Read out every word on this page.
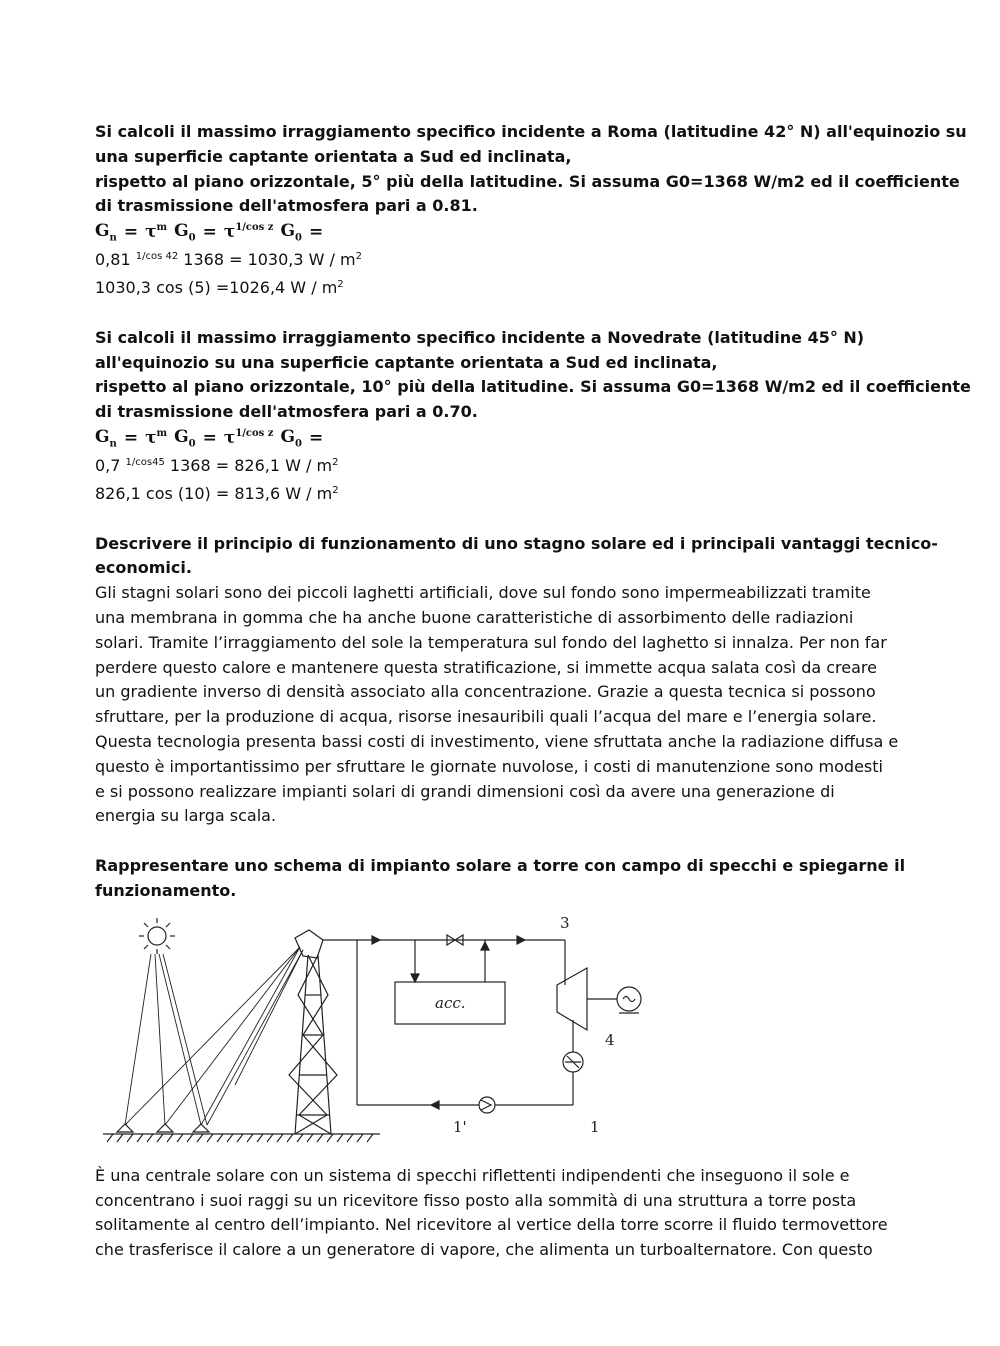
Si calcoli il massimo irraggiamento specifico incidente a Roma (latitudine 42° N) all'equinozio su

una superficie captante orientata a Sud ed inclinata,

rispetto al piano orizzontale, 5° più della latitudine. Si assuma G0=1368 W/m2 ed il coefficiente

di trasmissione dell'atmosfera pari a 0.81.

$G_n = \tau^m$ $G_0 = \tau^{1/cos z}$ $G_0$ =

0,81 $^{1/cos 42}$ 1368 = 1030,3 W / $m^2$

1030,3 cos (5) =1026,4 W / $m^2$

Si calcoli il massimo irraggiamento specifico incidente a Novedrate (latitudine 45° N)

all'equinozio su una superficie captante orientata a Sud ed inclinata,

rispetto al piano orizzontale, 10° più della latitudine. Si assuma G0=1368 W/m2 ed il coefficiente

di trasmissione dell'atmosfera pari a 0.70.

$G_n = \tau^m$ $G_0 = \tau^{1/cos z}$ $G_0$ =

0,7 $^{1/cos45}$ 1368 = 826,1 W / $m^2$

826,1 cos (10) = 813,6 W / $m^2$

Descrivere il principio di funzionamento di uno stagno solare ed i principali vantaggi tecnico-

economici.

Gli stagni solari sono dei piccoli laghetti artificiali, dove sul fondo sono impermeabilizzati tramite

una membrana in gomma che ha anche buone caratteristiche di assorbimento delle radiazioni

solari. Tramite l’irraggiamento del sole la temperatura sul fondo del laghetto si innalza. Per non far

perdere questo calore e mantenere questa stratificazione, si immette acqua salata così da creare

un gradiente inverso di densità associato alla concentrazione. Grazie a questa tecnica si possono

sfruttare, per la produzione di acqua, risorse inesauribili quali l’acqua del mare e l’energia solare.

Questa tecnologia presenta bassi costi di investimento, viene sfruttata anche la radiazione diffusa e

questo è importantissimo per sfruttare le giornate nuvolose, i costi di manutenzione sono modesti

e si possono realizzare impianti solari di grandi dimensioni così da avere una generazione di

energia su larga scala.

Rappresentare uno schema di impianto solare a torre con campo di specchi e spiegarne il

funzionamento.

acc.
3
4
1
1'

È una centrale solare con un sistema di specchi riflettenti indipendenti che inseguono il sole e

concentrano i suoi raggi su un ricevitore fisso posto alla sommità di una struttura a torre posta

solitamente al centro dell’impianto. Nel ricevitore al vertice della torre scorre il fluido termovettore

che trasferisce il calore a un generatore di vapore, che alimenta un turboalternatore. Con questo
